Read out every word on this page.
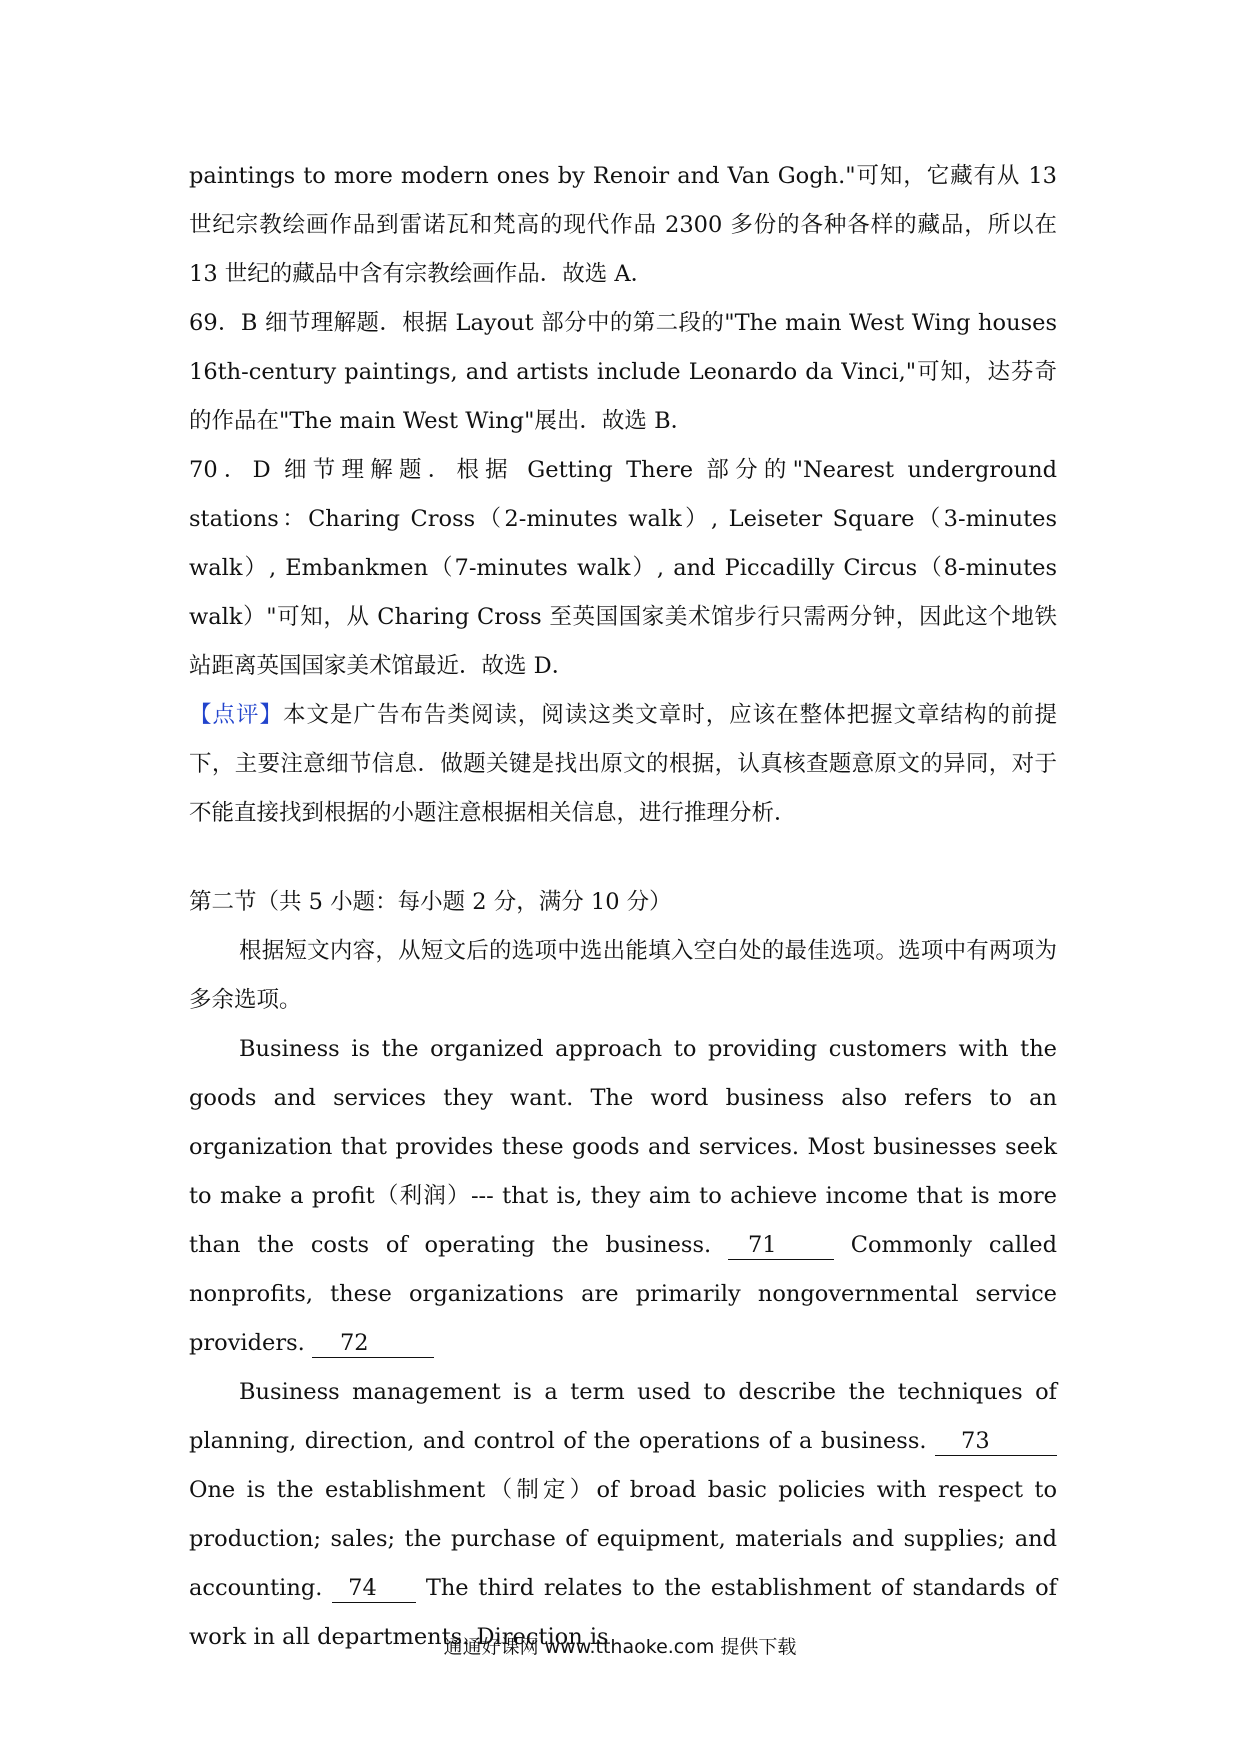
paintings to more modern ones by Renoir and Van Gogh."可知，它藏有从 13 世纪宗教绘画作品到雷诺瓦和梵高的现代作品 2300 多份的各种各样的藏品，所以在 13 世纪的藏品中含有宗教绘画作品．故选 A．

69．B 细节理解题．根据 Layout 部分中的第二段的"The main West Wing houses 16th-century paintings, and artists include Leonardo da Vinci,"可知，达芬奇的作品在"The main West Wing"展出．故选 B．

70．D 细节理解题．根据 Getting There 部分的"Nearest underground stations：Charing Cross（2-minutes walk）, Leiseter Square（3-minutes walk）, Embankmen（7-minutes walk）, and Piccadilly Circus（8-minutes walk）"可知，从 Charing Cross 至英国国家美术馆步行只需两分钟，因此这个地铁站距离英国国家美术馆最近．故选 D．

【点评】本文是广告布告类阅读，阅读这类文章时，应该在整体把握文章结构的前提下，主要注意细节信息．做题关键是找出原文的根据，认真核查题意原文的异同，对于不能直接找到根据的小题注意根据相关信息，进行推理分析．

第二节（共 5 小题：每小题 2 分，满分 10 分）

根据短文内容，从短文后的选项中选出能填入空白处的最佳选项。选项中有两项为多余选项。

Business is the organized approach to providing customers with the goods and services they want. The word business also refers to an organization that provides these goods and services. Most businesses seek to make a profit（利润）--- that is, they aim to achieve income that is more than the costs of operating the business. 71	Commonly called nonprofits, these organizations are primarily nongovernmental service providers. 72

Business management is a term used to describe the techniques of planning, direction, and control of the operations of a business. 73 One is the establishment（制定）of broad basic policies with respect to production; sales; the purchase of equipment, materials and supplies; and accounting. 74 The third relates to the establishment of standards of work in all departments. Direction is

通通好课网 www.tthaoke.com 提供下载
